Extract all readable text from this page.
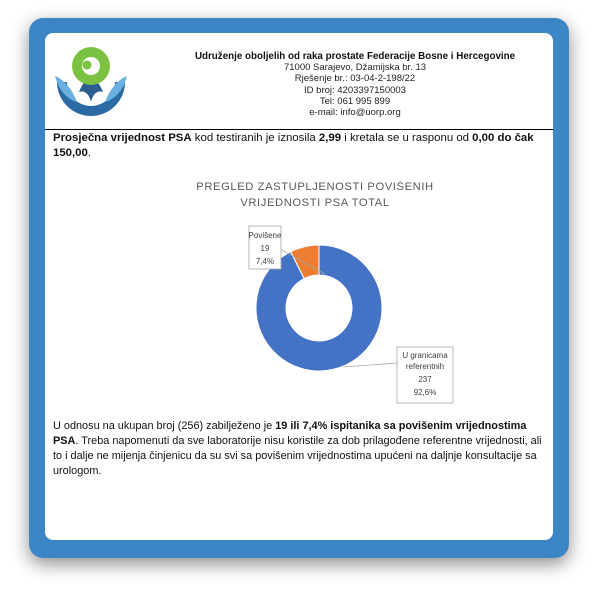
Udruženje oboljelih od raka prostate Federacije Bosne i Hercegovine
71000 Sarajevo, Džamijska br. 13
Rješenje br.: 03-04-2-198/22
ID broj: 4203397150003
Tel: 061 995 899
e-mail: info@uorp.org
Prosječna vrijednost PSA kod testiranih je iznosila 2,99 i kretala se u rasponu od 0,00 do čak 150,00.
PREGLED ZASTUPLJENOSTI POVIŠENIH
VRIJEDNOSTI PSA TOTAL
Povišene
19
7,4%
U granicama
referentnih
237
92,6%
U odnosu na ukupan broj (256) zabilježeno je 19 ili 7,4% ispitanika sa povišenim vrijednostima PSA. Treba napomenuti da sve laboratorije nisu koristile za dob prilagođene referentne vrijednosti, ali to i dalje ne mijenja činjenicu da su svi sa povišenim vrijednostima upućeni na daljnje konsultacije sa urologom.
